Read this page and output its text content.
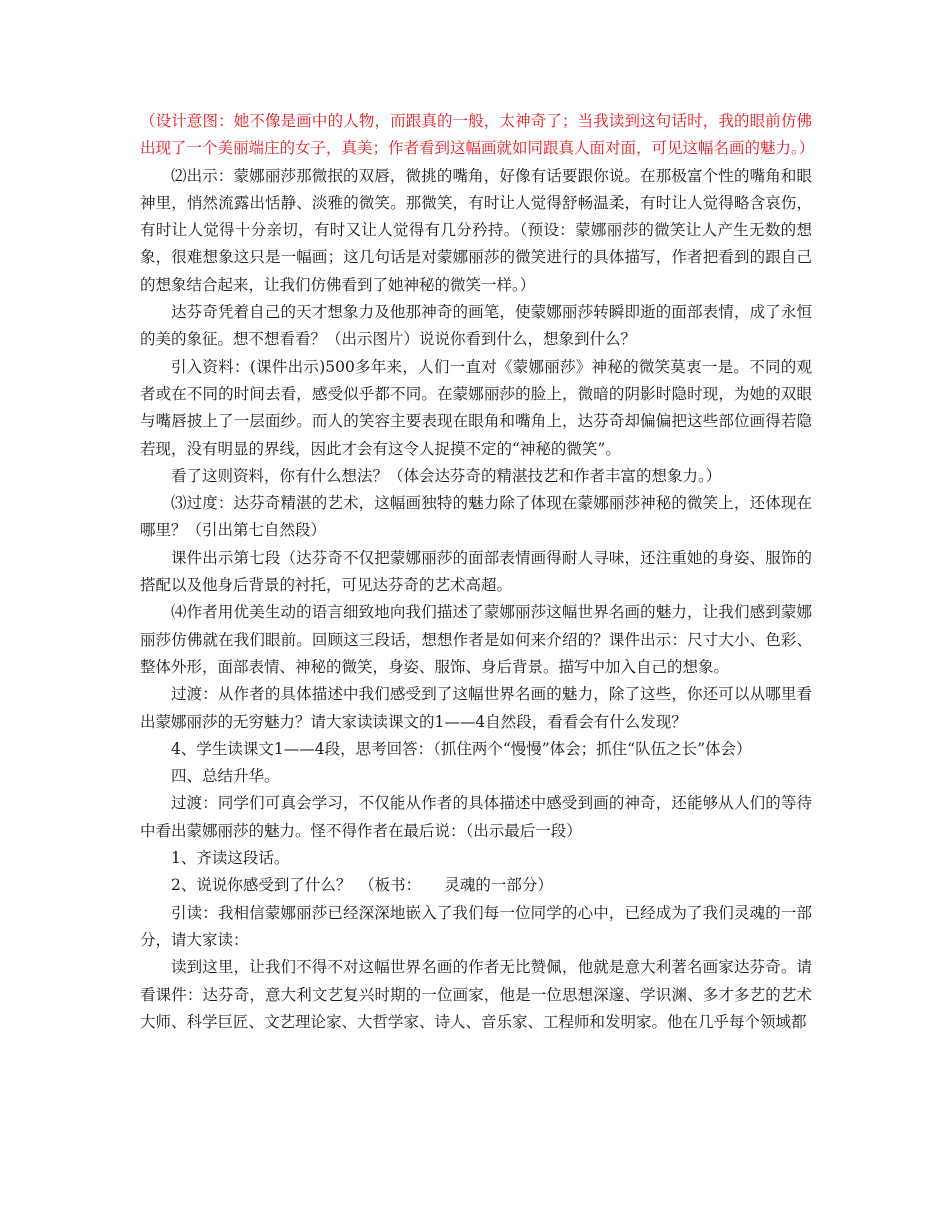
（设计意图：她不像是画中的人物，而跟真的一般，太神奇了；当我读到这句话时，我的眼前仿佛出现了一个美丽端庄的女子，真美；作者看到这幅画就如同跟真人面对面，可见这幅名画的魅力。）

⑵出示：蒙娜丽莎那微抿的双唇，微挑的嘴角，好像有话要跟你说。在那极富个性的嘴角和眼神里，悄然流露出恬静、淡雅的微笑。那微笑，有时让人觉得舒畅温柔，有时让人觉得略含哀伤，有时让人觉得十分亲切，有时又让人觉得有几分矜持。（预设：蒙娜丽莎的微笑让人产生无数的想象，很难想象这只是一幅画；这几句话是对蒙娜丽莎的微笑进行的具体描写，作者把看到的跟自己的想象结合起来，让我们仿佛看到了她神秘的微笑一样。）

达芬奇凭着自己的天才想象力及他那神奇的画笔，使蒙娜丽莎转瞬即逝的面部表情，成了永恒的美的象征。想不想看看？（出示图片）说说你看到什么，想象到什么？

引入资料：(课件出示)500多年来，人们一直对《蒙娜丽莎》神秘的微笑莫衷一是。不同的观者或在不同的时间去看，感受似乎都不同。在蒙娜丽莎的脸上，微暗的阴影时隐时现，为她的双眼与嘴唇披上了一层面纱。而人的笑容主要表现在眼角和嘴角上，达芬奇却偏偏把这些部位画得若隐若现，没有明显的界线，因此才会有这令人捉摸不定的“神秘的微笑”。

看了这则资料，你有什么想法？（体会达芬奇的精湛技艺和作者丰富的想象力。）

⑶过度：达芬奇精湛的艺术，这幅画独特的魅力除了体现在蒙娜丽莎神秘的微笑上，还体现在哪里？（引出第七自然段）

课件出示第七段（达芬奇不仅把蒙娜丽莎的面部表情画得耐人寻味，还注重她的身姿、服饰的搭配以及他身后背景的衬托，可见达芬奇的艺术高超。

⑷作者用优美生动的语言细致地向我们描述了蒙娜丽莎这幅世界名画的魅力，让我们感到蒙娜丽莎仿佛就在我们眼前。回顾这三段话，想想作者是如何来介绍的？课件出示：尺寸大小、色彩、整体外形，面部表情、神秘的微笑，身姿、服饰、身后背景。描写中加入自己的想象。

过渡：从作者的具体描述中我们感受到了这幅世界名画的魅力，除了这些，你还可以从哪里看出蒙娜丽莎的无穷魅力？请大家读读课文的1——4自然段，看看会有什么发现？

4、学生读课文1——4段，思考回答：（抓住两个“慢慢”体会；抓住“队伍之长”体会）

四、总结升华。

过渡：同学们可真会学习，不仅能从作者的具体描述中感受到画的神奇，还能够从人们的等待中看出蒙娜丽莎的魅力。怪不得作者在最后说：（出示最后一段）

1、齐读这段话。

2、说说你感受到了什么？　（板书：　　灵魂的一部分）

引读：我相信蒙娜丽莎已经深深地嵌入了我们每一位同学的心中，已经成为了我们灵魂的一部分，请大家读：

读到这里，让我们不得不对这幅世界名画的作者无比赞佩，他就是意大利著名画家达芬奇。请看课件：达芬奇，意大利文艺复兴时期的一位画家，他是一位思想深邃、学识渊、多才多艺的艺术大师、科学巨匠、文艺理论家、大哲学家、诗人、音乐家、工程师和发明家。他在几乎每个领域都
